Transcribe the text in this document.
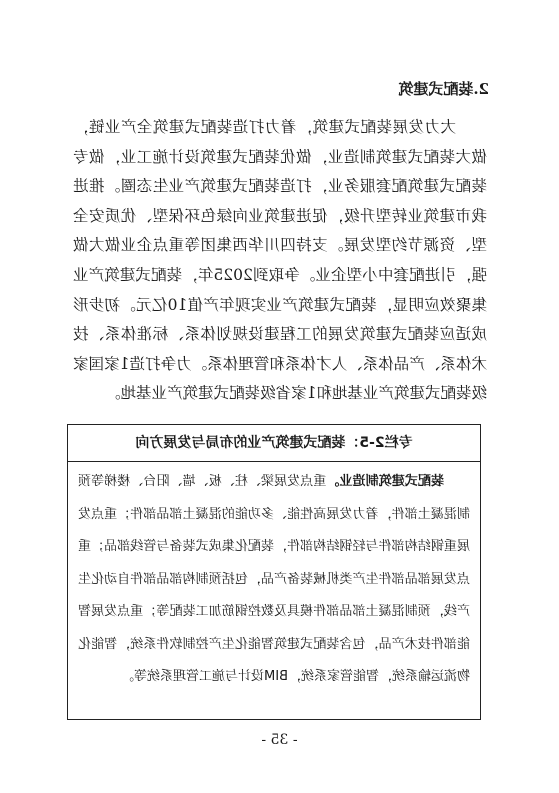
2.装配式建筑

大力发展装配式建筑，着力打造装配式建筑全产业链，做大装配式建筑制造业，做优装配式建筑设计施工业，做专装配式建筑配套服务业，打造装配式建筑产业生态圈。推进我市建筑业转型升级，促进建筑业向绿色环保型、优质安全型、资源节约型发展。支持四川华西集团等重点企业做大做强，引进配套中小型企业。争取到2025年，装配式建筑产业集聚效应明显，装配式建筑产业实现年产值10亿元。初步形成适应装配式建筑发展的工程建设规划体系、标准体系、技术体系、产品体系、人才体系和管理体系。力争打造1家国家级装配式建筑产业基地和1家省级装配式建筑产业基地。

专栏2-5：装配式建筑产业的布局与发展方向

装配式建筑制造业。重点发展梁、柱、板、墙、阳台、楼梯等预制混凝土部件，着力发展高性能、多功能的混凝土部品部件；重点发展重钢结构部件与轻钢结构部件，装配化集成式装备与管线部品；重点发展部品部件生产类机械装备产品，包括预制构部品部件自动化生产线，预制混凝土部品部件模具及数控钢筋加工装配等；重点发展智能部件技术产品，包含装配式建筑智能化生产控制软件系统，智能化物流运输系统，智能管家系统，BIM设计与施工管理系统等。

- 35 -
